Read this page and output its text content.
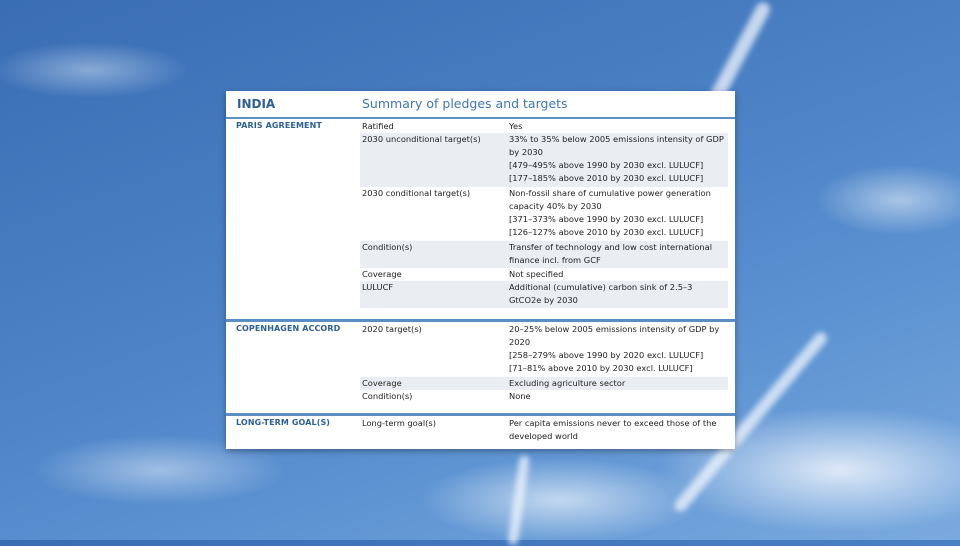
INDIA	Summary of pledges and targets
PARIS AGREEMENT	Ratified	Yes
2030 unconditional target(s)	33% to 35% below 2005 emissions intensity of GDP by 2030
[479–495% above 1990 by 2030 excl. LULUCF]
[177–185% above 2010 by 2030 excl. LULUCF]
2030 conditional target(s)	Non-fossil share of cumulative power generation capacity 40% by 2030
[371–373% above 1990 by 2030 excl. LULUCF]
[126–127% above 2010 by 2030 excl. LULUCF]
Condition(s)	Transfer of technology and low cost international finance incl. from GCF
Coverage	Not specified
LULUCF	Additional (cumulative) carbon sink of 2.5–3 GtCO2e by 2030
COPENHAGEN ACCORD	2020 target(s)	20–25% below 2005 emissions intensity of GDP by 2020
[258–279% above 1990 by 2020 excl. LULUCF]
[71–81% above 2010 by 2030 excl. LULUCF]
Coverage	Excluding agriculture sector
Condition(s)	None
LONG-TERM GOAL(S)	Long-term goal(s)	Per capita emissions never to exceed those of the developed world
